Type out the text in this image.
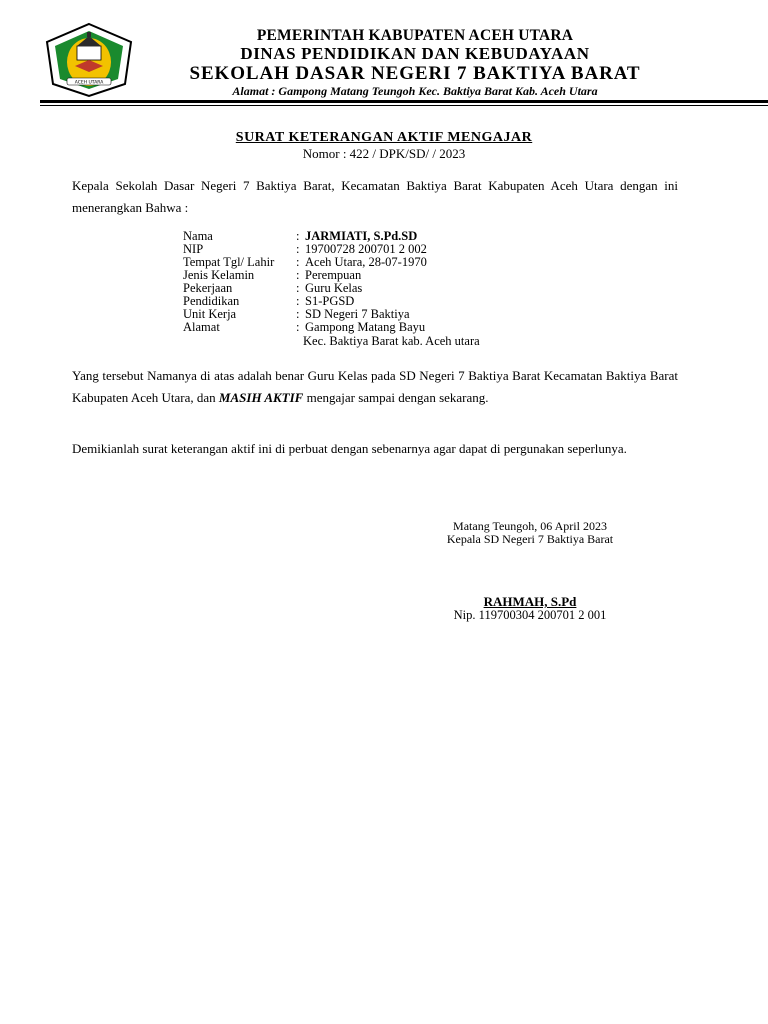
ACEH UTARA
PEMERINTAH KABUPATEN ACEH UTARA
DINAS PENDIDIKAN DAN KEBUDAYAAN
SEKOLAH DASAR NEGERI 7 BAKTIYA BARAT
Alamat : Gampong Matang Teungoh Kec. Baktiya Barat Kab. Aceh Utara
SURAT KETERANGAN AKTIF MENGAJAR
Nomor : 422 / DPK/SD/ / 2023
Kepala Sekolah Dasar Negeri 7 Baktiya Barat, Kecamatan Baktiya Barat Kabupaten Aceh Utara dengan ini menerangkan Bahwa :
Nama	: JARMIATI, S.Pd.SD
NIP	: 19700728 200701 2 002
Tempat Tgl/ Lahir	: Aceh Utara, 28-07-1970
Jenis Kelamin	: Perempuan
Pekerjaan	: Guru Kelas
Pendidikan	: S1-PGSD
Unit Kerja	: SD Negeri 7 Baktiya
Alamat	: Gampong Matang Bayu
Kec. Baktiya Barat kab. Aceh utara
Yang tersebut Namanya di atas adalah benar Guru Kelas pada SD Negeri 7 Baktiya Barat Kecamatan Baktiya Barat Kabupaten Aceh Utara, dan MASIH AKTIF mengajar sampai dengan sekarang.
Demikianlah surat keterangan aktif ini di perbuat dengan sebenarnya agar dapat di pergunakan seperlunya.
Matang Teungoh, 06 April 2023
Kepala SD Negeri 7 Baktiya Barat
RAHMAH, S.Pd
Nip. 119700304 200701 2 001
